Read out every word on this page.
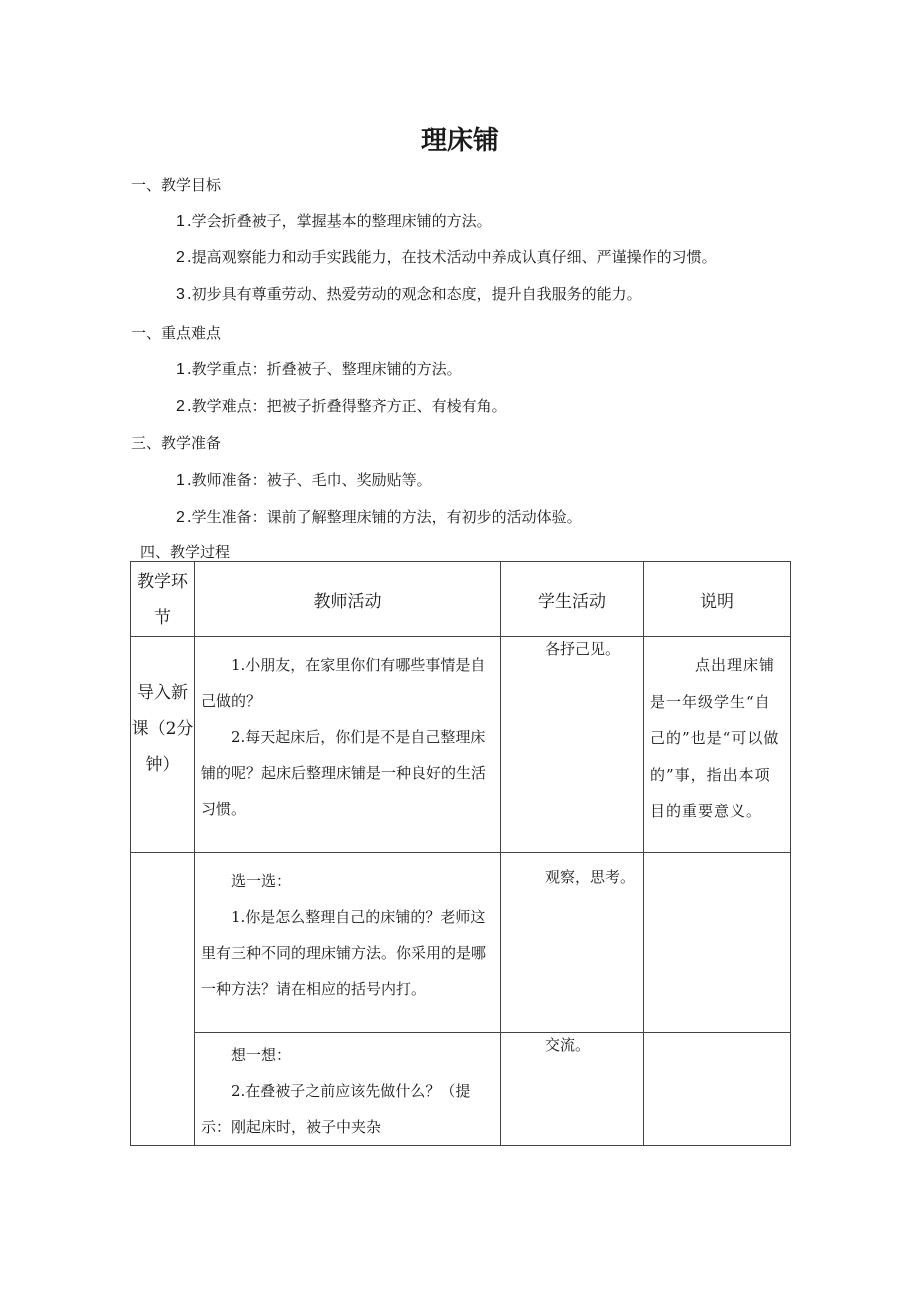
理床铺
一、教学目标
1 .学会折叠被子，掌握基本的整理床铺的方法。
2 .提高观察能力和动手实践能力，在技术活动中养成认真仔细、严谨操作的习惯。
3 .初步具有尊重劳动、热爱劳动的观念和态度，提升自我服务的能力。
一、重点难点
1 .教学重点：折叠被子、整理床铺的方法。
2 .教学难点：把被子折叠得整齐方正、有棱有角。
三、教学准备
1 .教师准备：被子、毛巾、奖励贴等。
2 .学生准备：课前了解整理床铺的方法，有初步的活动体验。
四、教学过程
教学环节	教师活动	学生活动	说明
导入新课（2分钟）	1.小朋友，在家里你们有哪些事情是自己做的？

2.每天起床后，你们是不是自己整理床铺的呢？起床后整理床铺是一种良好的生活习惯。	各抒己见。	点出理床铺是一年级学生“自己的”也是“可以做的”事，指出本项目的重要意义。

	选一选：

1.你是怎么整理自己的床铺的？老师这里有三种不同的理床铺方法。你采用的是哪一种方法？请在相应的括号内打。	观察，思考。	

	想一想：

2.在叠被子之前应该先做什么？（提示：刚起床时，被子中夹杂	交流。	
